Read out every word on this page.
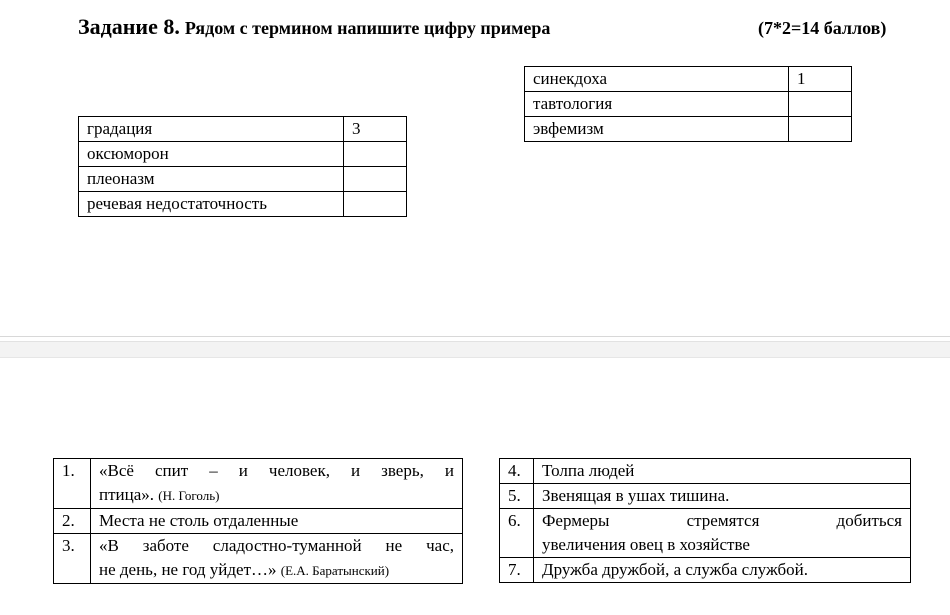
Задание 8. Рядом с термином напишите цифру примера	(7*2=14 баллов)
синекдоха	1
тавтология	
эвфемизм	
градация	3
оксюморон	
плеоназм	
речевая недостаточность	
1.	«Всё спит – и человек, и зверь, и
птица». (Н. Гоголь)
2.	Места не столь отдаленные
3.	«В заботе сладостно-туманной не час,
не день, не год уйдет…» (Е.А. Баратынский)
4.	Толпа людей
5.	Звенящая в ушах тишина.
6.	Фермеры стремятся добиться
увеличения овец в хозяйстве
7.	Дружба дружбой, а служба службой.
